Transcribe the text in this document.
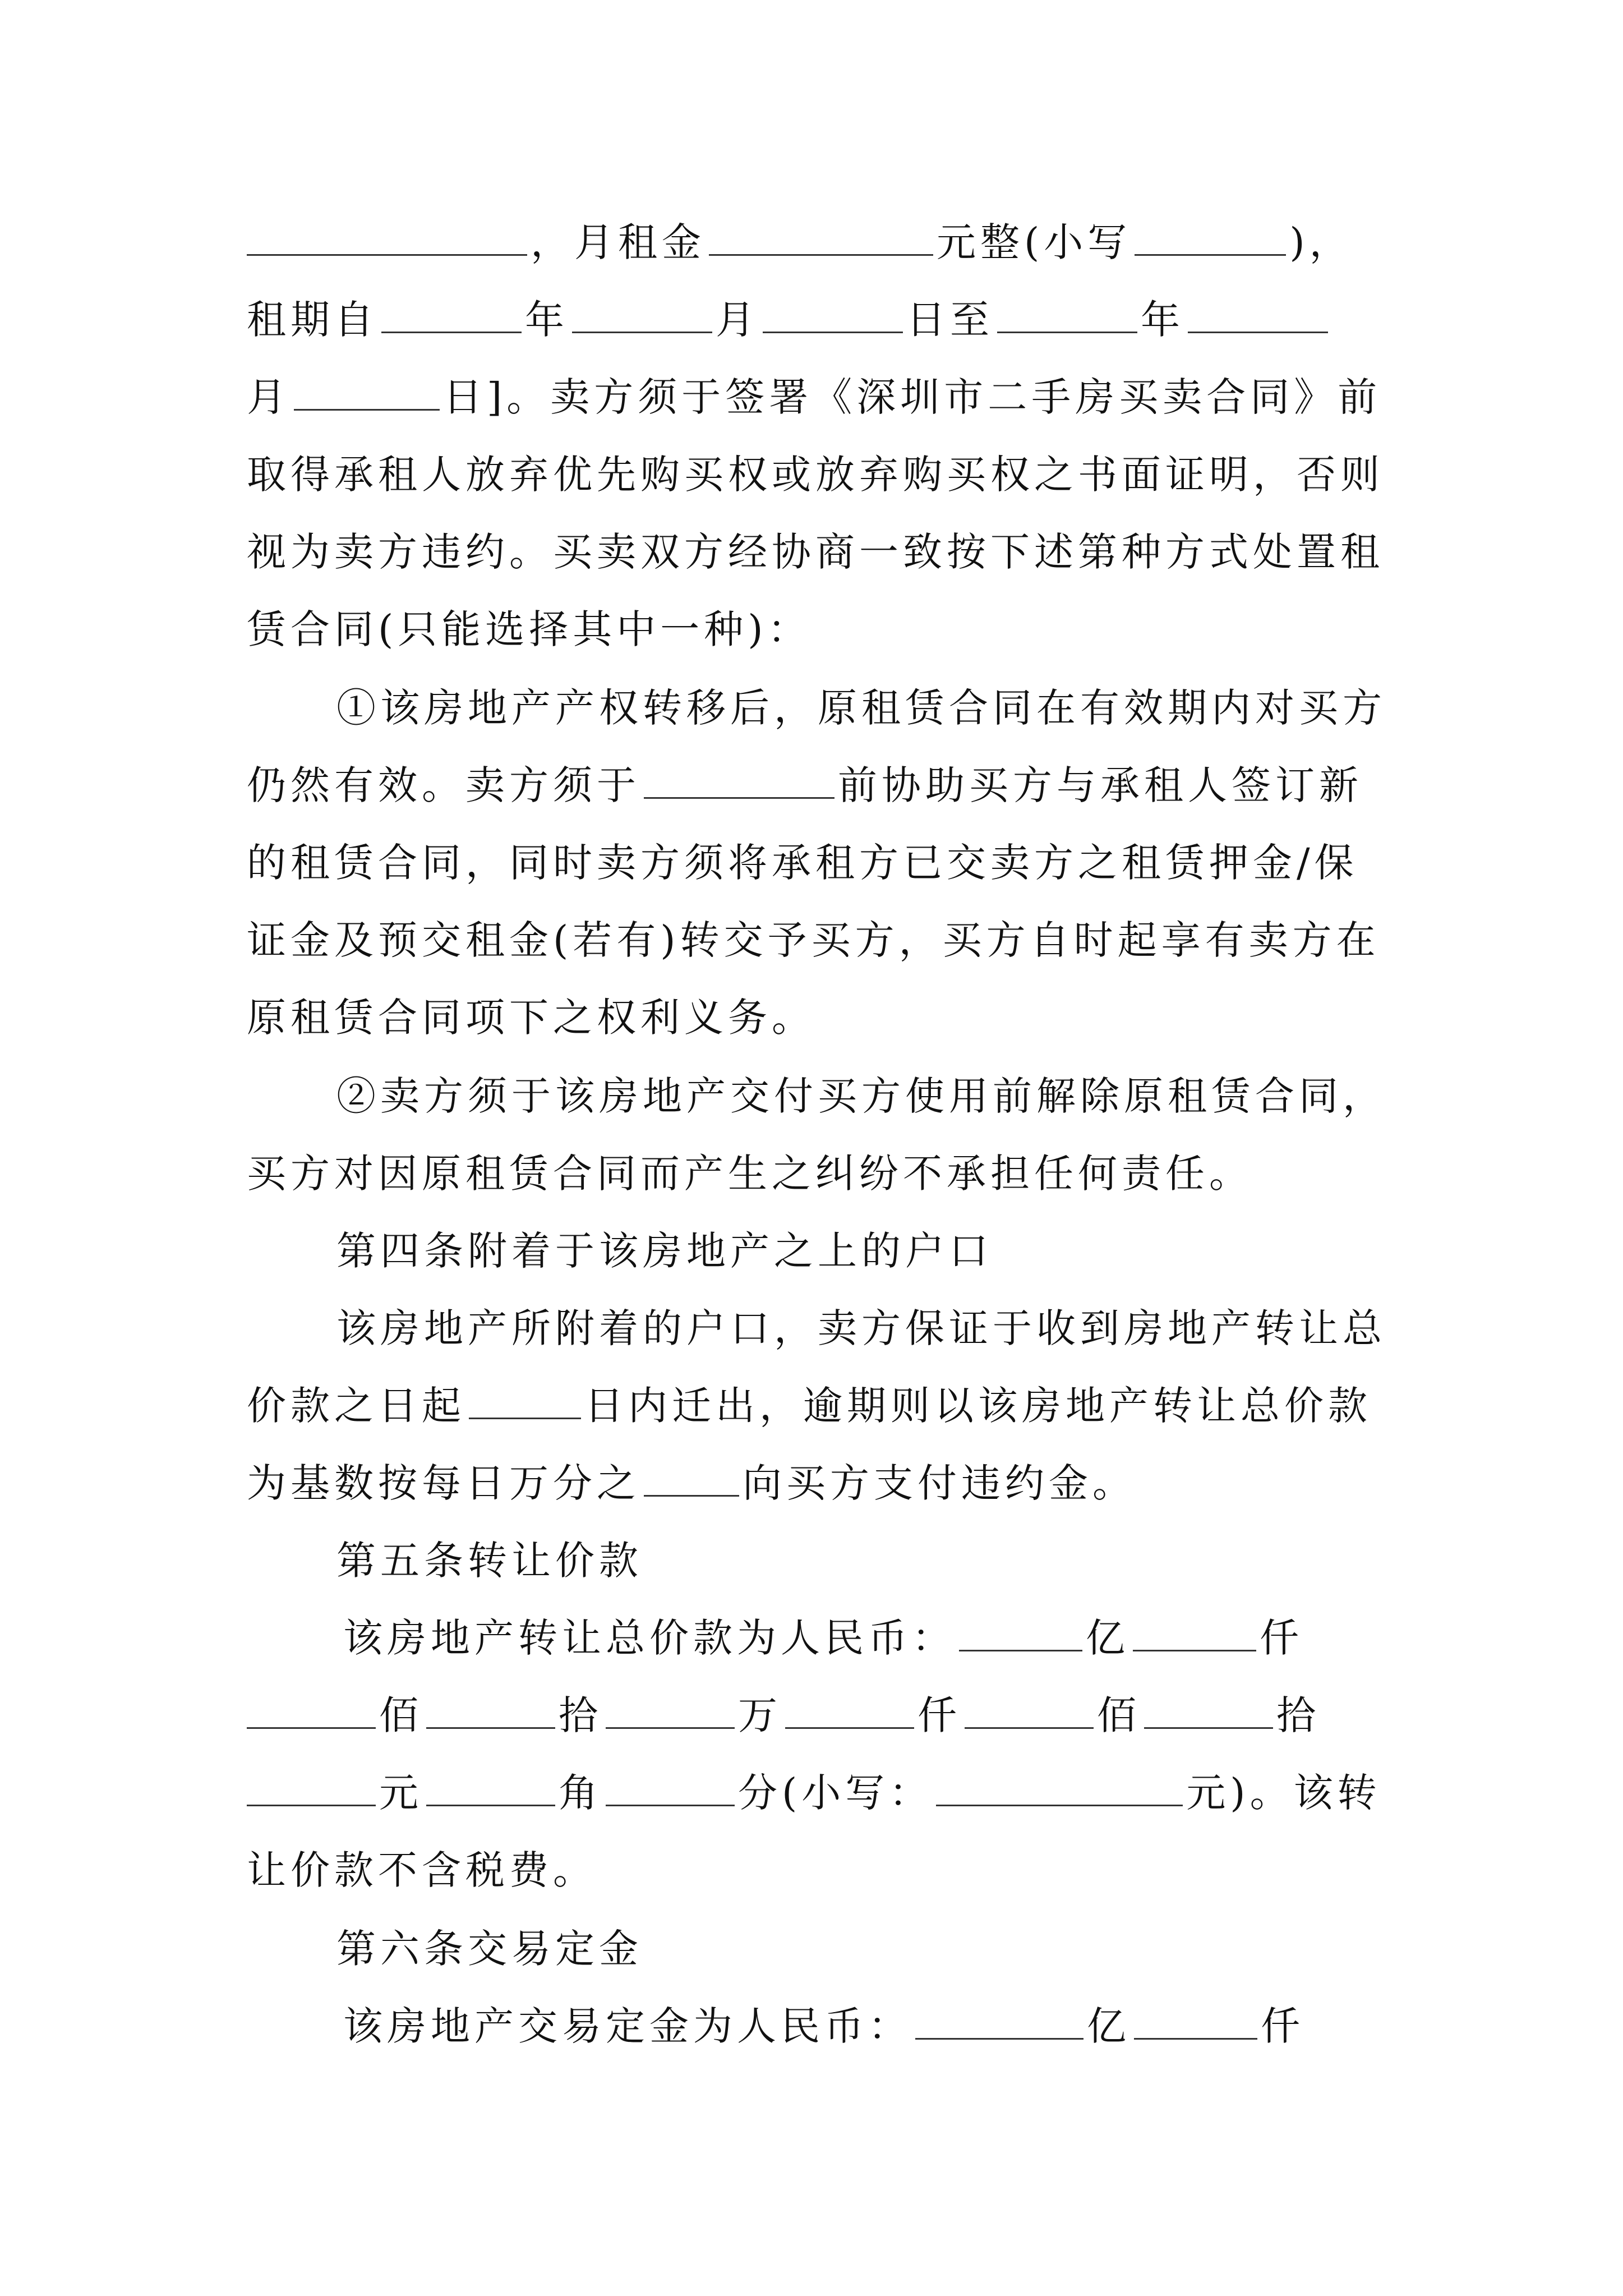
，月租金	元整(小写	)，
租期自	年	月	日至	年
月	日]。卖方须于签署《深圳市二手房买卖合同》前
取得承租人放弃优先购买权或放弃购买权之书面证明，否则
视为卖方违约。买卖双方经协商一致按下述第种方式处置租
赁合同(只能选择其中一种)：
①该房地产产权转移后，原租赁合同在有效期内对买方
仍然有效。卖方须于	前协助买方与承租人签订新
的租赁合同，同时卖方须将承租方已交卖方之租赁押金/保
证金及预交租金(若有)转交予买方，买方自时起享有卖方在
原租赁合同项下之权利义务。
②卖方须于该房地产交付买方使用前解除原租赁合同，
买方对因原租赁合同而产生之纠纷不承担任何责任。
第四条附着于该房地产之上的户口
该房地产所附着的户口，卖方保证于收到房地产转让总
价款之日起	日内迁出，逾期则以该房地产转让总价款
为基数按每日万分之	向买方支付违约金。
第五条转让价款
该房地产转让总价款为人民币：	亿	仟
佰	拾	万	仟	佰	拾
元	角	分(小写：	元)。该转
让价款不含税费。
第六条交易定金
该房地产交易定金为人民币：	亿	仟
